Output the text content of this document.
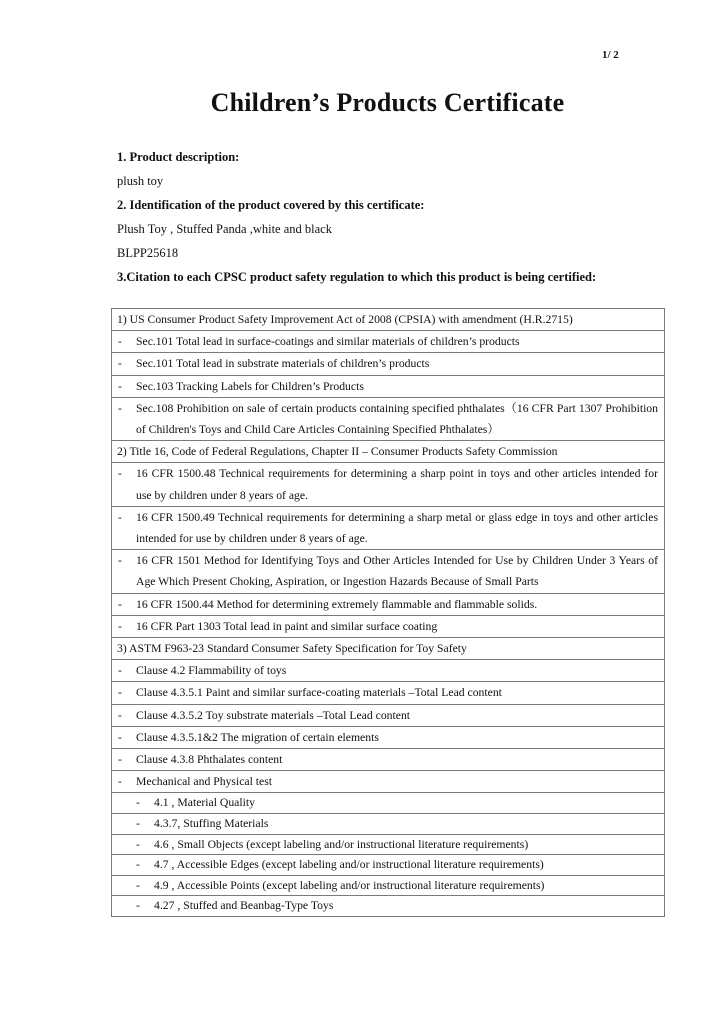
1/ 2
Children’s Products Certificate
1. Product description:
plush toy
2. Identification of the product covered by this certificate:
Plush Toy , Stuffed Panda ,white and black
BLPP25618
3.Citation to each CPSC product safety regulation to which this product is being certified:
1) US Consumer Product Safety Improvement Act of 2008 (CPSIA) with amendment (H.R.2715)

-	Sec.101 Total lead in surface-coatings and similar materials of children’s products

-	Sec.101 Total lead in substrate materials of children’s products

-	Sec.103 Tracking Labels for Children’s Products

-	Sec.108 Prohibition on sale of certain products containing specified phthalates（16 CFR Part 1307 Prohibition of Children's Toys and Child Care Articles Containing Specified Phthalates）

2) Title 16, Code of Federal Regulations, Chapter II – Consumer Products Safety Commission

-	16 CFR 1500.48 Technical requirements for determining a sharp point in toys and other articles intended for use by children under 8 years of age.

-	16 CFR 1500.49 Technical requirements for determining a sharp metal or glass edge in toys and other articles intended for use by children under 8 years of age.

-	16 CFR 1501 Method for Identifying Toys and Other Articles Intended for Use by Children Under 3 Years of Age Which Present Choking, Aspiration, or Ingestion Hazards Because of Small Parts

-	16 CFR 1500.44 Method for determining extremely flammable and flammable solids.

-	16 CFR Part 1303 Total lead in paint and similar surface coating

3) ASTM F963-23 Standard Consumer Safety Specification for Toy Safety

-	Clause 4.2 Flammability of toys

-	Clause 4.3.5.1 Paint and similar surface-coating materials –Total Lead content

-	Clause 4.3.5.2 Toy substrate materials –Total Lead content

-	Clause 4.3.5.1&2 The migration of certain elements

-	Clause 4.3.8 Phthalates content

-	Mechanical and Physical test

-	4.1 , Material Quality

-	4.3.7, Stuffing Materials

-	4.6 , Small Objects (except labeling and/or instructional literature requirements)

-	4.7 , Accessible Edges (except labeling and/or instructional literature requirements)

-	4.9 , Accessible Points (except labeling and/or instructional literature requirements)

-	4.27 , Stuffed and Beanbag-Type Toys
